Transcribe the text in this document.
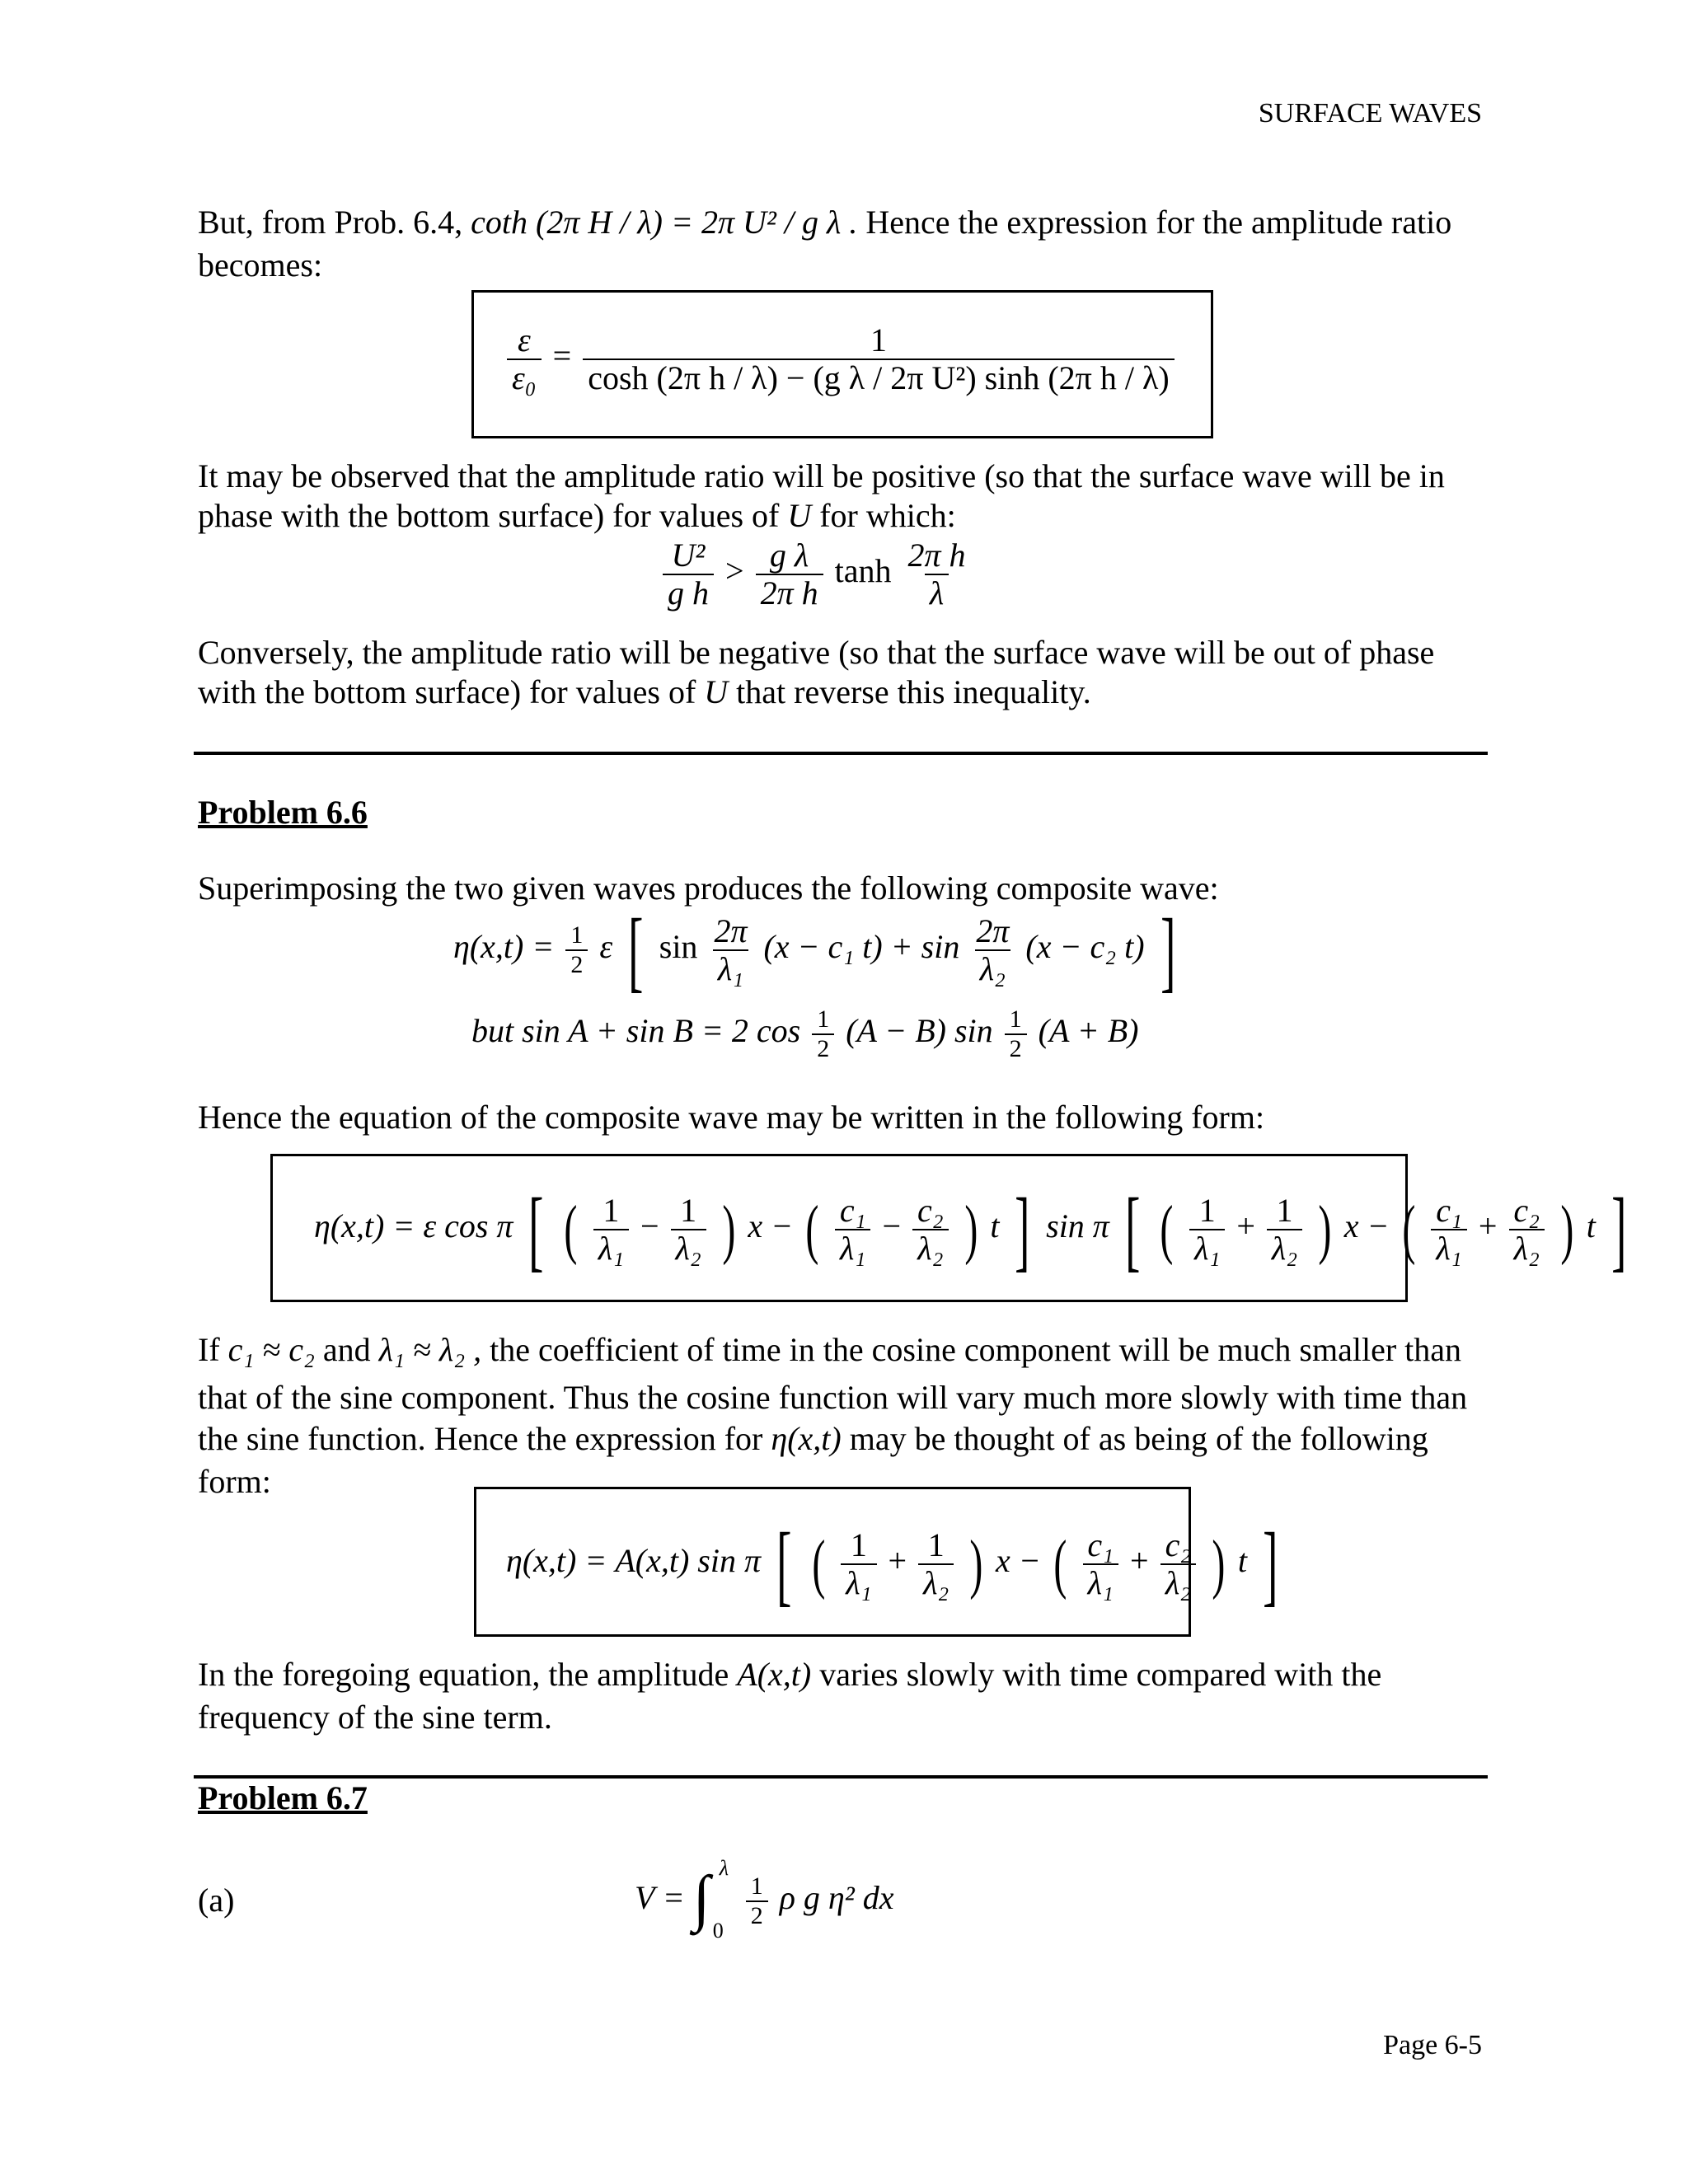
SURFACE WAVES
But, from Prob. 6.4, coth (2π H / λ) = 2π U² / g λ . Hence the expression for the amplitude ratio
becomes:
$\frac{\varepsilon}{\text{ε₀}} = \frac{1}{\text{cosh (2π h / λ) − (g λ / 2π U²) sinh (2π h / λ)}}$
It may be observed that the amplitude ratio will be positive (so that the surface wave will be in
phase with the bottom surface) for values of U for which:
$\frac{\text{U²}}{\text{g h}} > \frac{\text{g λ}}{\text{2π h}}$ $\tanh \frac{\text{2π h}}{\lambda}$
Conversely, the amplitude ratio will be negative (so that the surface wave will be out of phase
with the bottom surface) for values of U that reverse this inequality.
Problem 6.6
Superimposing the two given waves produces the following composite wave:
$\eta(x,t) = \frac{1}{2}$ ε [ $\sin \frac{2\pi}{\text{λ₁}} (x - c_1$ $t) + \sin \frac{2\pi}{\text{λ₂}} (x - c_2$ t) ]
but sin A + sin B = 2 $\cos \frac{1}{2} (A - B)$ $\sin \frac{1}{2} (A + B)$
Hence the equation of the composite wave may be written in the following form:
η(x,t) = ε cos π [ ( $\frac{1}{\text{λ₁}} - \frac{1}{\text{λ₂}}$ ) x − ( $\frac{\text{c₁}}{\text{λ₁}} - \frac{\text{c₂}}{\text{λ₂}}$ ) t ] sin π [ ( $\frac{1}{\text{λ₁}} + \frac{1}{\text{λ₂}}$ ) x − ( $\frac{\text{c₁}}{\text{λ₁}} + \frac{\text{c₂}}{\text{λ₂}}$ ) t ]
If c₁ ≈ c₂ and λ₁ ≈ λ₂ , the coefficient of time in the cosine component will be much smaller than
that of the sine component. Thus the cosine function will vary much more slowly with time than
the sine function. Hence the expression for η(x,t) may be thought of as being of the following
form:
η(x,t) = A(x,t) sin π [ ( $\frac{1}{\text{λ₁}} + \frac{1}{\text{λ₂}}$ ) x − ( $\frac{\text{c₁}}{\text{λ₁}} + \frac{\text{c₂}}{\text{λ₂}}$ ) t ]
In the foregoing equation, the amplitude A(x,t) varies slowly with time compared with the
frequency of the sine term.
Problem 6.7
(a)	V = ∫ λ
0

$\frac{1}{2}$ ρ g η² dx
Page 6-5
